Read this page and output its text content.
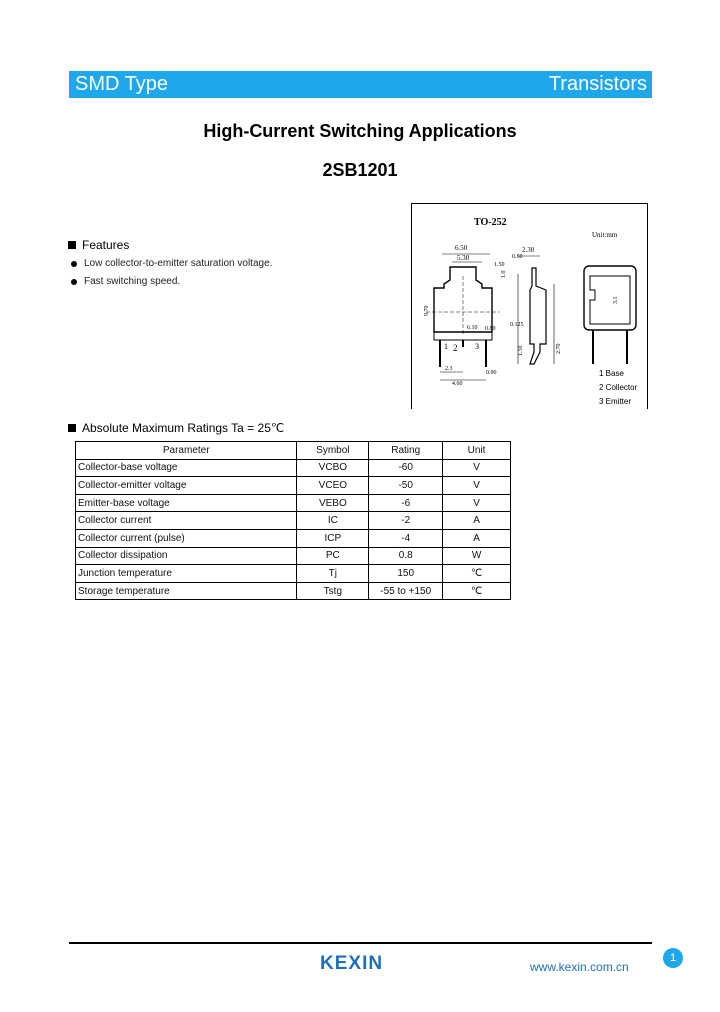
SMD Type	Transistors
High-Current Switching Applications
2SB1201
TO-252
Unit:mm
6.50
5.30
2.30
1.50
0.50
1 2 3
9.70
6.10
2.3
4.60
0.90
0.80
0.125
1.50	2.70
1.0
3.1
1 Base
2 Collector
3 Emitter
Features
Low collector-to-emitter saturation voltage.
Fast switching speed.
Absolute Maximum Ratings Ta = 25℃
Parameter	Symbol	Rating	Unit
Collector-base voltage	VCBO	-60	V
Collector-emitter voltage	VCEO	-50	V
Emitter-base voltage	VEBO	-6	V
Collector current	IC	-2	A
Collector current (pulse)	ICP	-4	A
Collector dissipation	PC	0.8	W
Junction temperature	Tj	150	℃
Storage temperature	Tstg	-55 to +150	℃
KEXIN	www.kexin.com.cn
1
